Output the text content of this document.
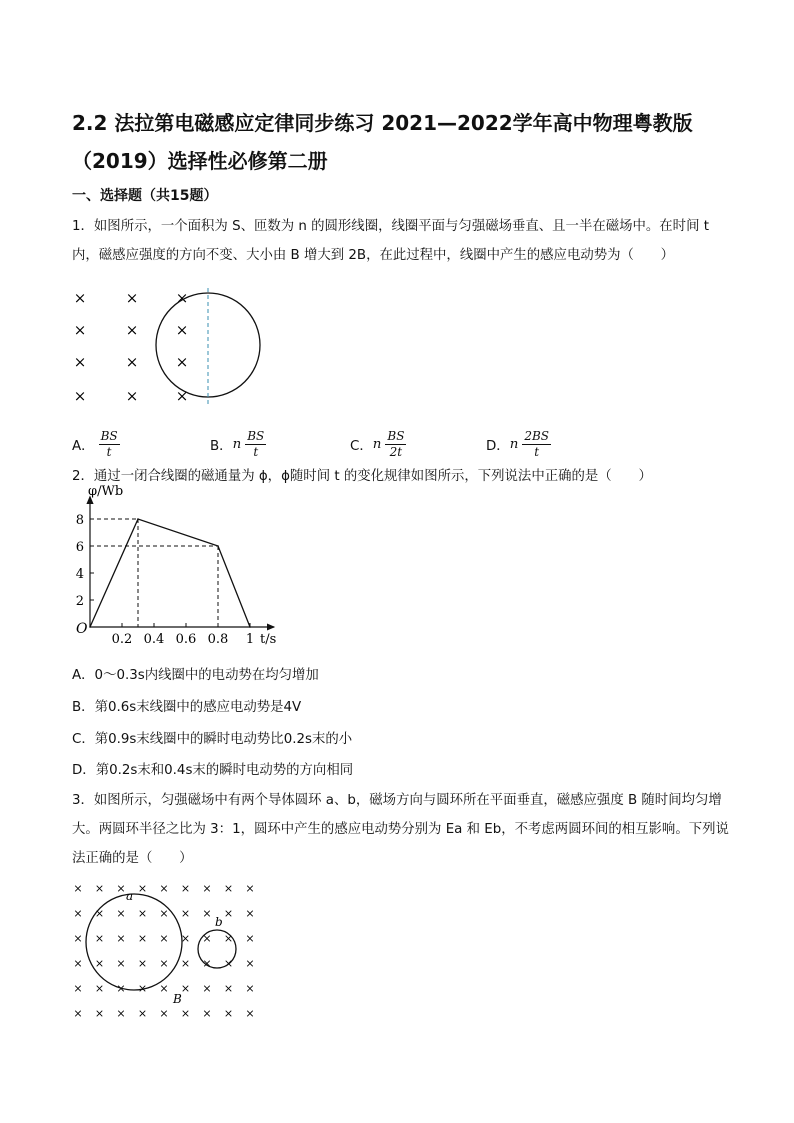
2.2 法拉第电磁感应定律同步练习 2021—2022学年高中物理粤教版（2019）选择性必修第二册
一、选择题（共15题）
1．如图所示，一个面积为 S、匝数为 n 的圆形线圈，线圈平面与匀强磁场垂直、且一半在磁场中。在时间 t 内，磁感应强度的方向不变、大小由 B 增大到 2B，在此过程中，线圈中产生的感应电动势为（　　）
×	× ×
×	× ×
×	× ×
×	× ×
A． $\frac{BS}{t}$	B． n $\frac{BS}{t}$	C． n $\frac{BS}{2t}$	D． n $\frac{2BS}{t}$
2．通过一闭合线圈的磁通量为 ϕ，ϕ随时间 t 的变化规律如图所示，下列说法中正确的是（　　）
2
4
6
8
0.2 0.4 0.6 0.8 1
O
φ/Wb
t/s
A．0～0.3s内线圈中的电动势在均匀增加
B．第0.6s末线圈中的感应电动势是4V
C．第0.9s末线圈中的瞬时电动势比0.2s末的小
D．第0.2s末和0.4s末的瞬时电动势的方向相同
3．如图所示，匀强磁场中有两个导体圆环 a、b，磁场方向与圆环所在平面垂直，磁感应强度 B 随时间均匀增大。两圆环半径之比为 3：1，圆环中产生的感应电动势分别为 Ea 和 Eb，不考虑两圆环间的相互影响。下列说法正确的是（　　）
× × × × × × × × ×
× × × × × × × × ×
× × × × × × × × ×
× × × × × × × × ×
× × × × × × × × ×
× × × × × × × × ×
a
b
B
